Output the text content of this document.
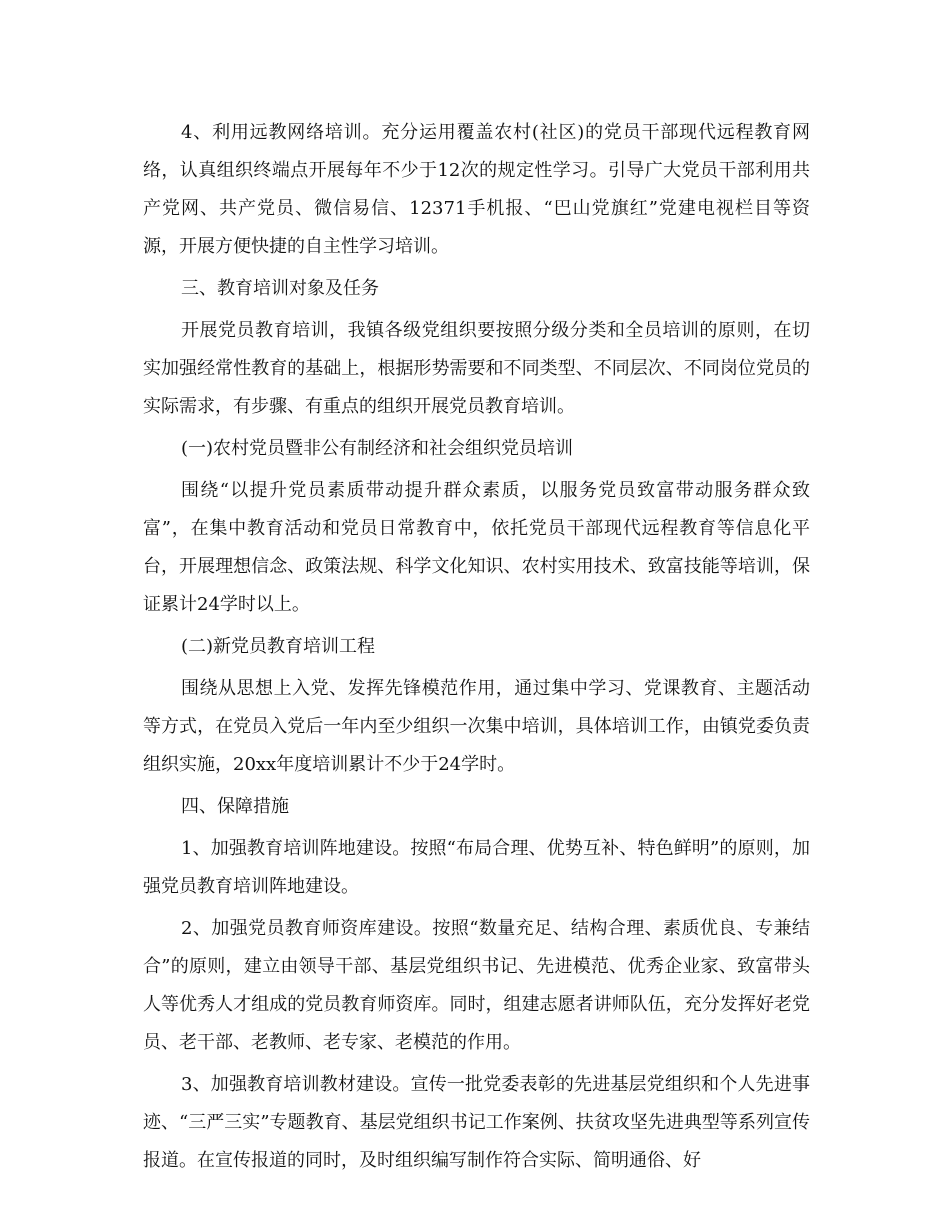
4、利用远教网络培训。充分运用覆盖农村(社区)的党员干部现代远程教育网络，认真组织终端点开展每年不少于12次的规定性学习。引导广大党员干部利用共产党网、共产党员、微信易信、12371手机报、“巴山党旗红”党建电视栏目等资源，开展方便快捷的自主性学习培训。

三、教育培训对象及任务

开展党员教育培训，我镇各级党组织要按照分级分类和全员培训的原则，在切实加强经常性教育的基础上，根据形势需要和不同类型、不同层次、不同岗位党员的实际需求，有步骤、有重点的组织开展党员教育培训。

(一)农村党员暨非公有制经济和社会组织党员培训

围绕“以提升党员素质带动提升群众素质，以服务党员致富带动服务群众致富”，在集中教育活动和党员日常教育中，依托党员干部现代远程教育等信息化平台，开展理想信念、政策法规、科学文化知识、农村实用技术、致富技能等培训，保证累计24学时以上。

(二)新党员教育培训工程

围绕从思想上入党、发挥先锋模范作用，通过集中学习、党课教育、主题活动等方式，在党员入党后一年内至少组织一次集中培训，具体培训工作，由镇党委负责组织实施，20xx年度培训累计不少于24学时。

四、保障措施

1、加强教育培训阵地建设。按照“布局合理、优势互补、特色鲜明”的原则，加强党员教育培训阵地建设。

2、加强党员教育师资库建设。按照“数量充足、结构合理、素质优良、专兼结合”的原则，建立由领导干部、基层党组织书记、先进模范、优秀企业家、致富带头人等优秀人才组成的党员教育师资库。同时，组建志愿者讲师队伍，充分发挥好老党员、老干部、老教师、老专家、老模范的作用。

3、加强教育培训教材建设。宣传一批党委表彰的先进基层党组织和个人先进事迹、“三严三实”专题教育、基层党组织书记工作案例、扶贫攻坚先进典型等系列宣传报道。在宣传报道的同时，及时组织编写制作符合实际、简明通俗、好
